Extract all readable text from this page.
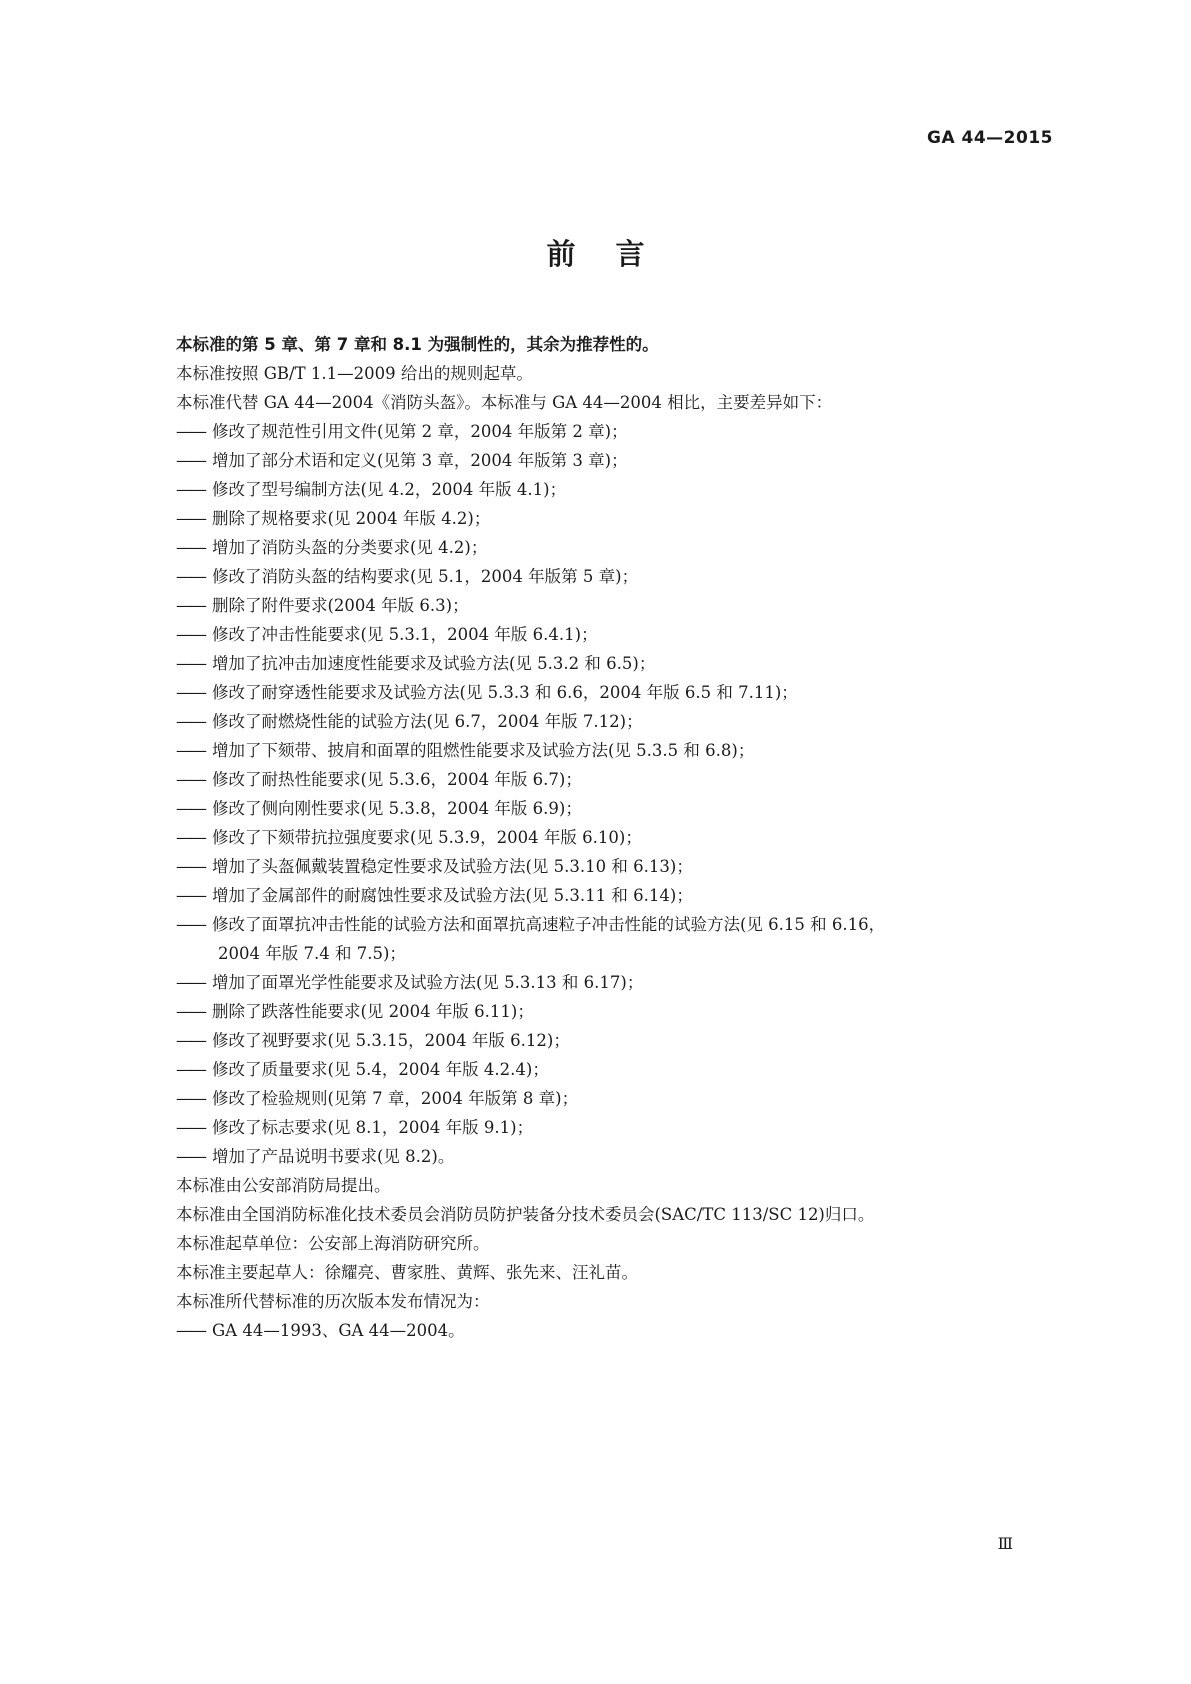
GA 44—2015
前言
本标准的第 5 章、第 7 章和 8.1 为强制性的，其余为推荐性的。
本标准按照 GB/T 1.1—2009 给出的规则起草。
本标准代替 GA 44—2004《消防头盔》。本标准与 GA 44—2004 相比，主要差异如下：
—— 修改了规范性引用文件(见第 2 章，2004 年版第 2 章)；
—— 增加了部分术语和定义(见第 3 章，2004 年版第 3 章)；
—— 修改了型号编制方法(见 4.2，2004 年版 4.1)；
—— 删除了规格要求(见 2004 年版 4.2)；
—— 增加了消防头盔的分类要求(见 4.2)；
—— 修改了消防头盔的结构要求(见 5.1，2004 年版第 5 章)；
—— 删除了附件要求(2004 年版 6.3)；
—— 修改了冲击性能要求(见 5.3.1，2004 年版 6.4.1)；
—— 增加了抗冲击加速度性能要求及试验方法(见 5.3.2 和 6.5)；
—— 修改了耐穿透性能要求及试验方法(见 5.3.3 和 6.6，2004 年版 6.5 和 7.11)；
—— 修改了耐燃烧性能的试验方法(见 6.7，2004 年版 7.12)；
—— 增加了下颏带、披肩和面罩的阻燃性能要求及试验方法(见 5.3.5 和 6.8)；
—— 修改了耐热性能要求(见 5.3.6，2004 年版 6.7)；
—— 修改了侧向刚性要求(见 5.3.8，2004 年版 6.9)；
—— 修改了下颏带抗拉强度要求(见 5.3.9，2004 年版 6.10)；
—— 增加了头盔佩戴装置稳定性要求及试验方法(见 5.3.10 和 6.13)；
—— 增加了金属部件的耐腐蚀性要求及试验方法(见 5.3.11 和 6.14)；
—— 修改了面罩抗冲击性能的试验方法和面罩抗高速粒子冲击性能的试验方法(见 6.15 和 6.16，
2004 年版 7.4 和 7.5)；
—— 增加了面罩光学性能要求及试验方法(见 5.3.13 和 6.17)；
—— 删除了跌落性能要求(见 2004 年版 6.11)；
—— 修改了视野要求(见 5.3.15，2004 年版 6.12)；
—— 修改了质量要求(见 5.4，2004 年版 4.2.4)；
—— 修改了检验规则(见第 7 章，2004 年版第 8 章)；
—— 修改了标志要求(见 8.1，2004 年版 9.1)；
—— 增加了产品说明书要求(见 8.2)。
本标准由公安部消防局提出。
本标准由全国消防标准化技术委员会消防员防护装备分技术委员会(SAC/TC 113/SC 12)归口。
本标准起草单位：公安部上海消防研究所。
本标准主要起草人：徐耀亮、曹家胜、黄辉、张先来、汪礼苗。
本标准所代替标准的历次版本发布情况为：
—— GA 44—1993、GA 44—2004。
Ⅲ
